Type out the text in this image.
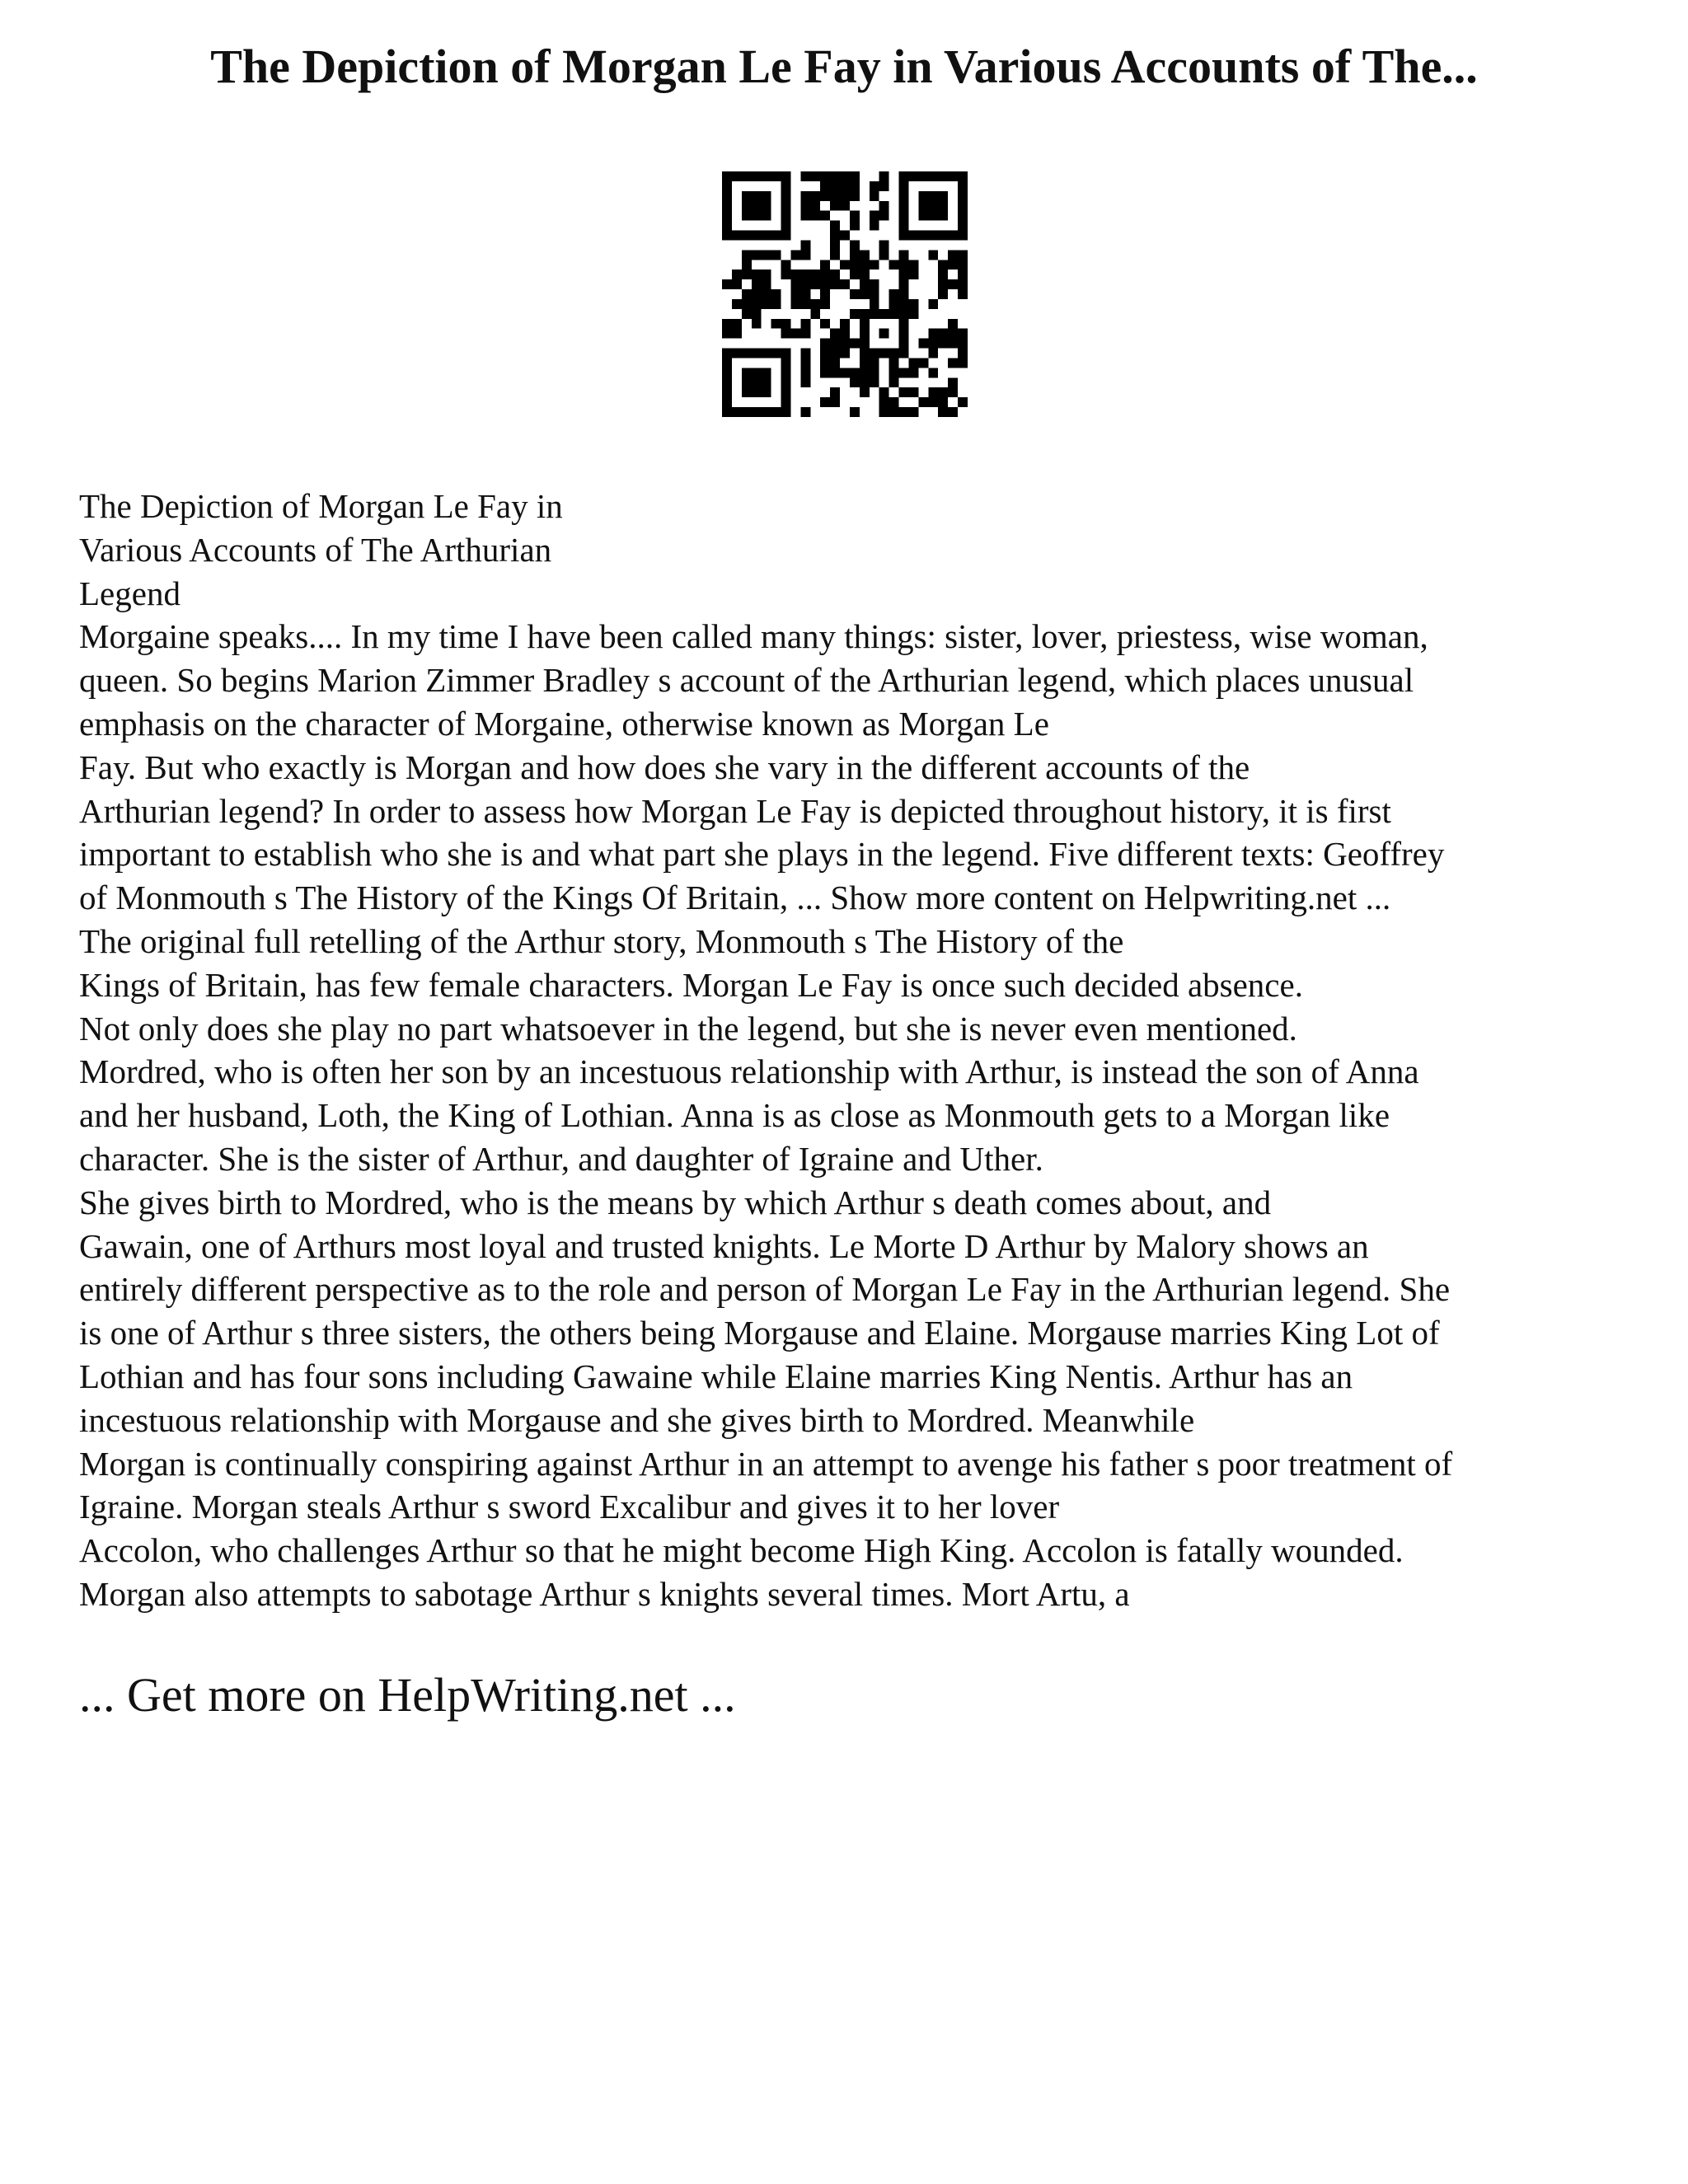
The Depiction of Morgan Le Fay in Various Accounts of The...
The Depiction of Morgan Le Fay in
Various Accounts of The Arthurian
Legend
Morgaine speaks.... In my time I have been called many things: sister, lover, priestess, wise woman,
queen. So begins Marion Zimmer Bradley s account of the Arthurian legend, which places unusual
emphasis on the character of Morgaine, otherwise known as Morgan Le
Fay. But who exactly is Morgan and how does she vary in the different accounts of the
Arthurian legend? In order to assess how Morgan Le Fay is depicted throughout history, it is first
important to establish who she is and what part she plays in the legend. Five different texts: Geoffrey
of Monmouth s The History of the Kings Of Britain, ... Show more content on Helpwriting.net ...
The original full retelling of the Arthur story, Monmouth s The History of the
Kings of Britain, has few female characters. Morgan Le Fay is once such decided absence.
Not only does she play no part whatsoever in the legend, but she is never even mentioned.
Mordred, who is often her son by an incestuous relationship with Arthur, is instead the son of Anna
and her husband, Loth, the King of Lothian. Anna is as close as Monmouth gets to a Morgan like
character. She is the sister of Arthur, and daughter of Igraine and Uther.
She gives birth to Mordred, who is the means by which Arthur s death comes about, and
Gawain, one of Arthurs most loyal and trusted knights. Le Morte D Arthur by Malory shows an
entirely different perspective as to the role and person of Morgan Le Fay in the Arthurian legend. She
is one of Arthur s three sisters, the others being Morgause and Elaine. Morgause marries King Lot of
Lothian and has four sons including Gawaine while Elaine marries King Nentis. Arthur has an
incestuous relationship with Morgause and she gives birth to Mordred. Meanwhile
Morgan is continually conspiring against Arthur in an attempt to avenge his father s poor treatment of
Igraine. Morgan steals Arthur s sword Excalibur and gives it to her lover
Accolon, who challenges Arthur so that he might become High King. Accolon is fatally wounded.
Morgan also attempts to sabotage Arthur s knights several times. Mort Artu, a
... Get more on HelpWriting.net ...
